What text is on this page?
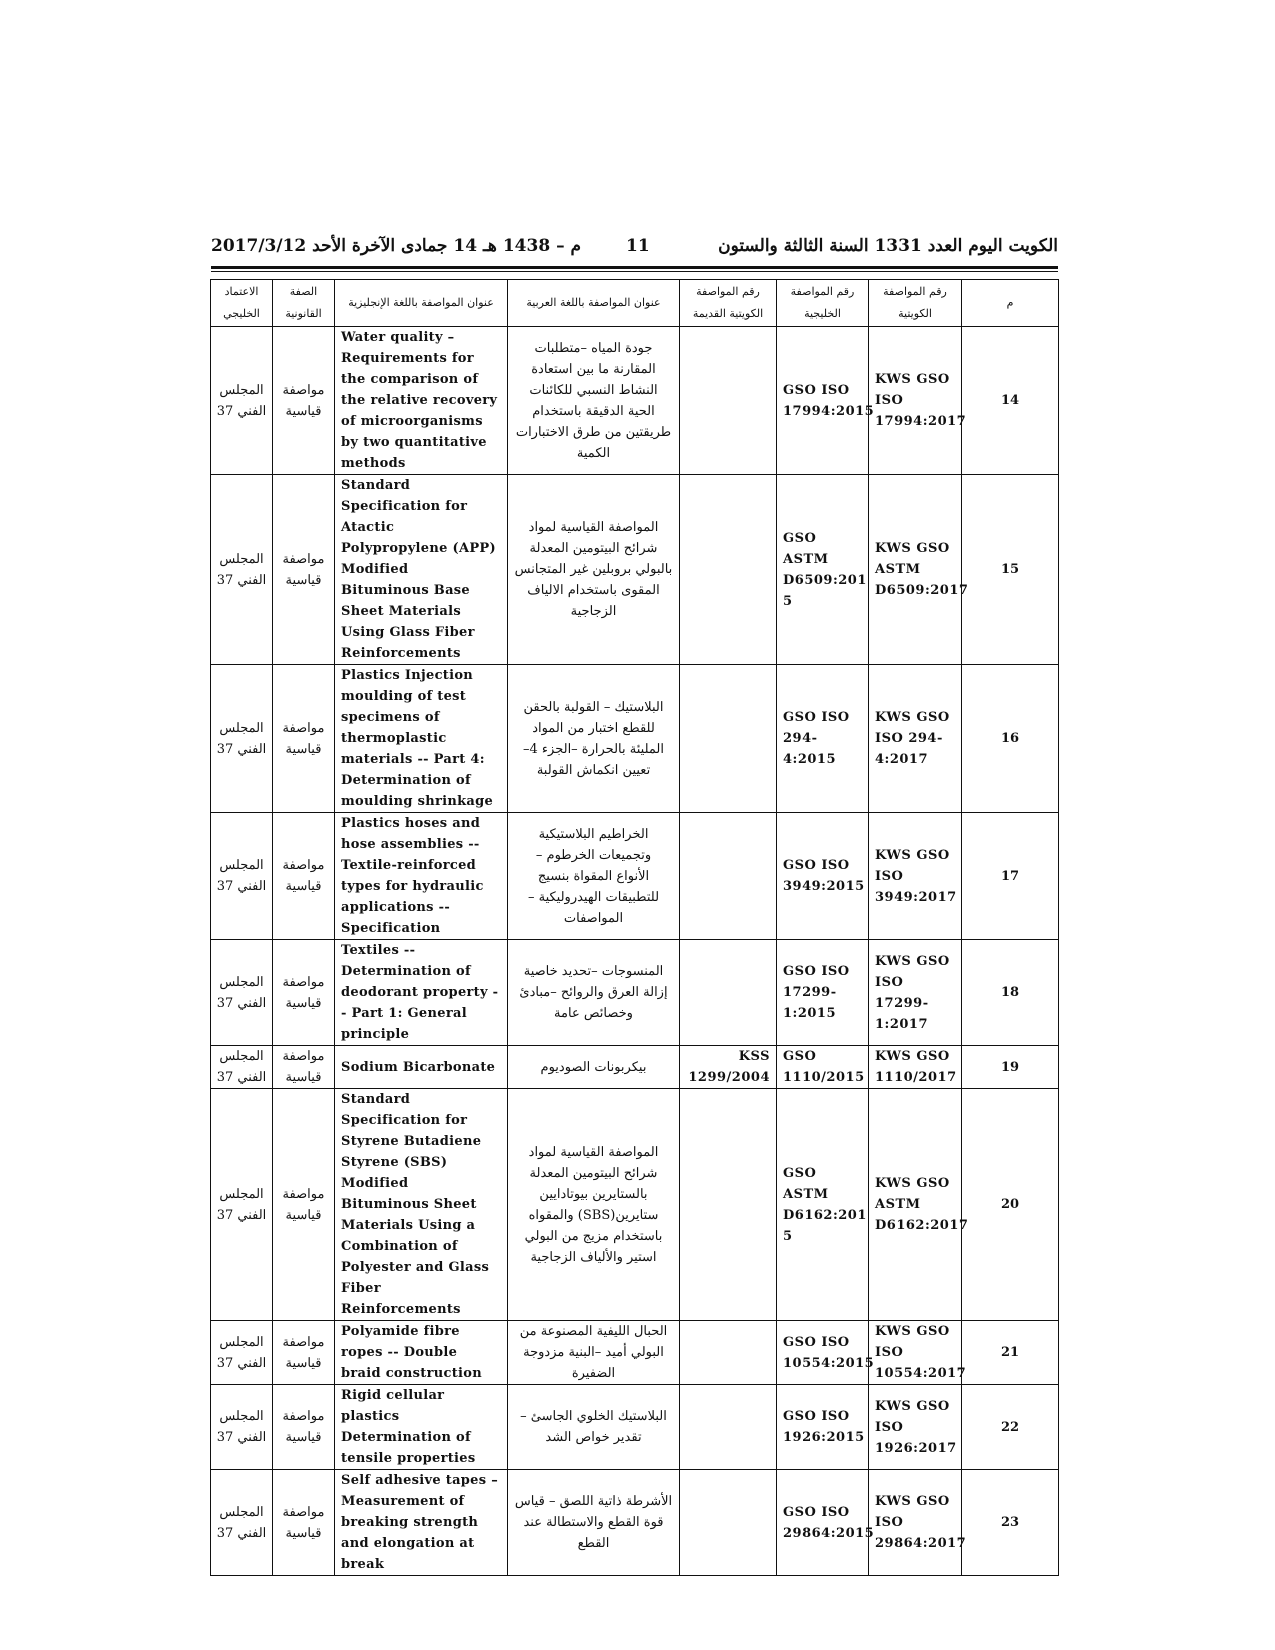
2017/3/12 م – 1438 هـ 14 جمادى الآخرة الأحد	11	الكويت اليوم العدد 1331 السنة الثالثة والستون
الاعتماد
الخليجي	الصفة
القانونية	عنوان المواصفة باللغة الإنجليزية	عنوان المواصفة باللغة العربية	رقم المواصفة
الكويتية القديمة	رقم المواصفة
الخليجية	رقم المواصفة
الكويتية	م
المجلس
الفني 37	مواصفة
قياسية	Water quality – Requirements for the comparison of the relative recovery of microorganisms by two quantitative methods	جودة المياه –متطلبات المقارنة ما بين استعادة النشاط النسبي للكائنات الحية الدقيقة باستخدام طريقتين من طرق الاختبارات الكمية		GSO ISO
17994:2015	KWS GSO
ISO
17994:2017	14
المجلس
الفني 37	مواصفة
قياسية	Standard Specification for Atactic Polypropylene (APP) Modified Bituminous Base Sheet Materials Using Glass Fiber Reinforcements	المواصفة القياسية لمواد شرائح البيتومين المعدلة بالبولي بروبلين غير المتجانس المقوى باستخدام الالياف الزجاجية		GSO
ASTM
D6509:201
5	KWS GSO
ASTM
D6509:2017	15
المجلس
الفني 37	مواصفة
قياسية	Plastics Injection moulding of test specimens of thermoplastic materials -- Part 4: Determination of moulding shrinkage	البلاستيك – القولبة بالحقن للقطع اختبار من المواد المليئة بالحرارة –الجزء 4–تعيين انكماش القولبة		GSO ISO
294-4:2015	KWS GSO
ISO 294-
4:2017	16
المجلس
الفني 37	مواصفة
قياسية	Plastics hoses and hose assemblies -- Textile-reinforced types for hydraulic applications -- Specification	الخراطيم البلاستيكية وتجميعات الخرطوم –
الأنواع المقواة بنسيج للتطبيقات الهيدروليكية –المواصفات		GSO ISO
3949:2015	KWS GSO
ISO
3949:2017	17
المجلس
الفني 37	مواصفة
قياسية	Textiles -- Determination of deodorant property -- Part 1: General principle	المنسوجات –تحديد خاصية إزالة العرق والروائح –مبادئ وخصائص عامة		GSO ISO
17299-
1:2015	KWS GSO
ISO 17299-
1:2017	18
المجلس
الفني 37	مواصفة
قياسية	Sodium Bicarbonate	بيكربونات الصوديوم	KSS
1299/2004	GSO
1110/2015	KWS GSO
1110/2017	19
المجلس
الفني 37	مواصفة
قياسية	Standard Specification for Styrene Butadiene Styrene (SBS) Modified Bituminous Sheet Materials Using a Combination of Polyester and Glass Fiber Reinforcements	المواصفة القياسية لمواد شرائح البيتومين المعدلة بالستايرين بيوتادايين ستايرين(SBS) والمقواه باستخدام مزيج من البولي استير والألياف الزجاجية		GSO
ASTM
D6162:201
5	KWS GSO
ASTM
D6162:2017	20
المجلس
الفني 37	مواصفة
قياسية	Polyamide fibre ropes -- Double braid construction	الحبال الليفية المصنوعة من البولي أميد –البنية مزدوجة الضفيرة		GSO ISO
10554:2015	KWS GSO
ISO
10554:2017	21
المجلس
الفني 37	مواصفة
قياسية	Rigid cellular plastics Determination of tensile properties	البلاستيك الخلوي الجاسئ – تقدير خواص الشد		GSO ISO
1926:2015	KWS GSO
ISO
1926:2017	22
المجلس
الفني 37	مواصفة
قياسية	Self adhesive tapes – Measurement of breaking strength and elongation at break	الأشرطة ذاتية اللصق – قياس قوة القطع والاستطالة عند القطع		GSO ISO
29864:2015	KWS GSO
ISO
29864:2017	23
